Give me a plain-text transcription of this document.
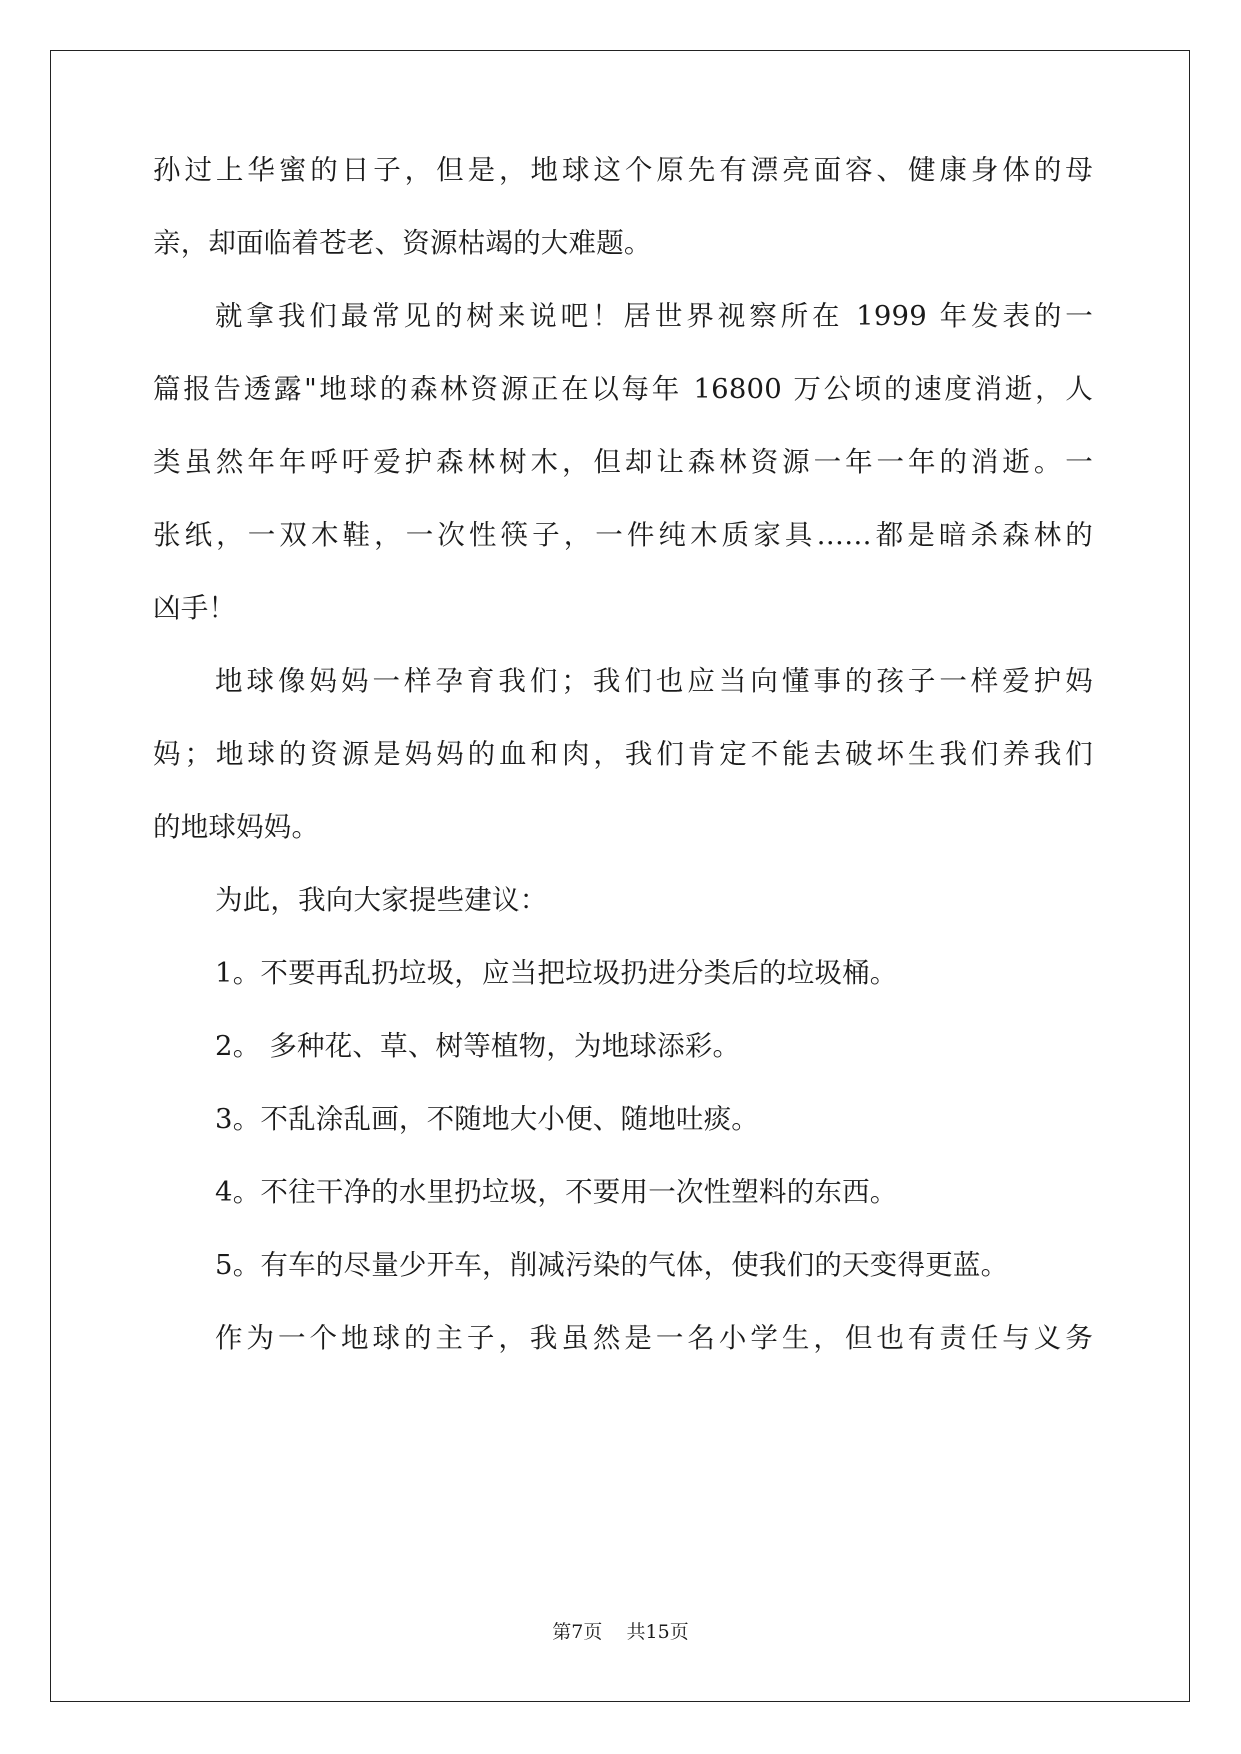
孙过上华蜜的日子，但是，地球这个原先有漂亮面容、健康身体的母
亲，却面临着苍老、资源枯竭的大难题。
就拿我们最常见的树来说吧！居世界视察所在 1999 年发表的一
篇报告透露"地球的森林资源正在以每年 16800 万公顷的速度消逝，人
类虽然年年呼吁爱护森林树木，但却让森林资源一年一年的消逝。一
张纸，一双木鞋，一次性筷子，一件纯木质家具……都是暗杀森林的
凶手！
地球像妈妈一样孕育我们；我们也应当向懂事的孩子一样爱护妈
妈；地球的资源是妈妈的血和肉，我们肯定不能去破坏生我们养我们
的地球妈妈。
为此，我向大家提些建议：
1。不要再乱扔垃圾，应当把垃圾扔进分类后的垃圾桶。
2。 多种花、草、树等植物，为地球添彩。
3。不乱涂乱画，不随地大小便、随地吐痰。
4。不往干净的水里扔垃圾，不要用一次性塑料的东西。
5。有车的尽量少开车，削减污染的气体，使我们的天变得更蓝。
作为一个地球的主子，我虽然是一名小学生，但也有责任与义务
第7页 共15页
